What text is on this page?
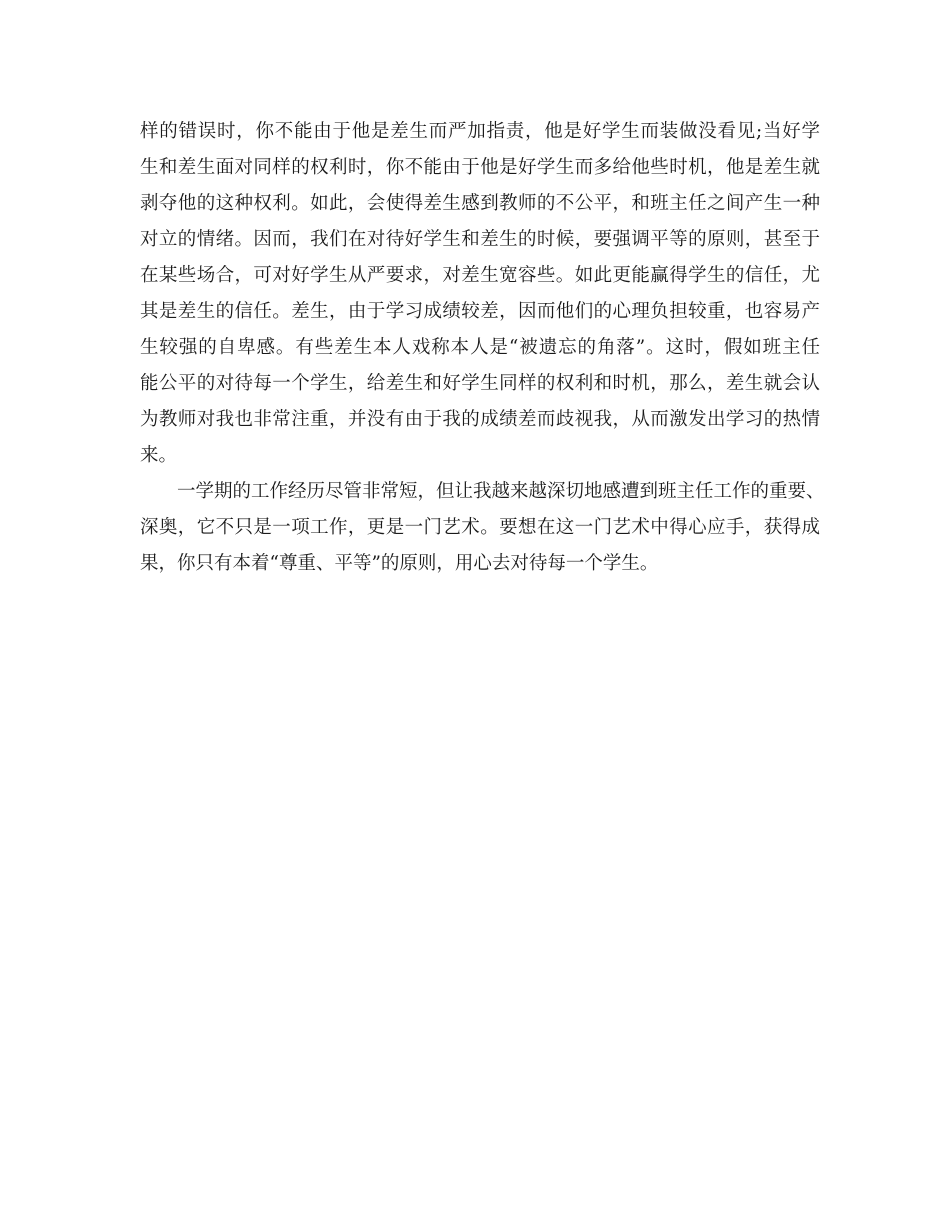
样的错误时，你不能由于他是差生而严加指责，他是好学生而装做没看见;当好学
生和差生面对同样的权利时，你不能由于他是好学生而多给他些时机，他是差生就
剥夺他的这种权利。如此，会使得差生感到教师的不公平，和班主任之间产生一种
对立的情绪。因而，我们在对待好学生和差生的时候，要强调平等的原则，甚至于
在某些场合，可对好学生从严要求，对差生宽容些。如此更能赢得学生的信任，尤
其是差生的信任。差生，由于学习成绩较差，因而他们的心理负担较重，也容易产
生较强的自卑感。有些差生本人戏称本人是“被遗忘的角落”。这时，假如班主任
能公平的对待每一个学生，给差生和好学生同样的权利和时机，那么，差生就会认
为教师对我也非常注重，并没有由于我的成绩差而歧视我，从而激发出学习的热情
来。
一学期的工作经历尽管非常短，但让我越来越深切地感遭到班主任工作的重要、
深奥，它不只是一项工作，更是一门艺术。要想在这一门艺术中得心应手，获得成
果，你只有本着“尊重、平等”的原则，用心去对待每一个学生。
